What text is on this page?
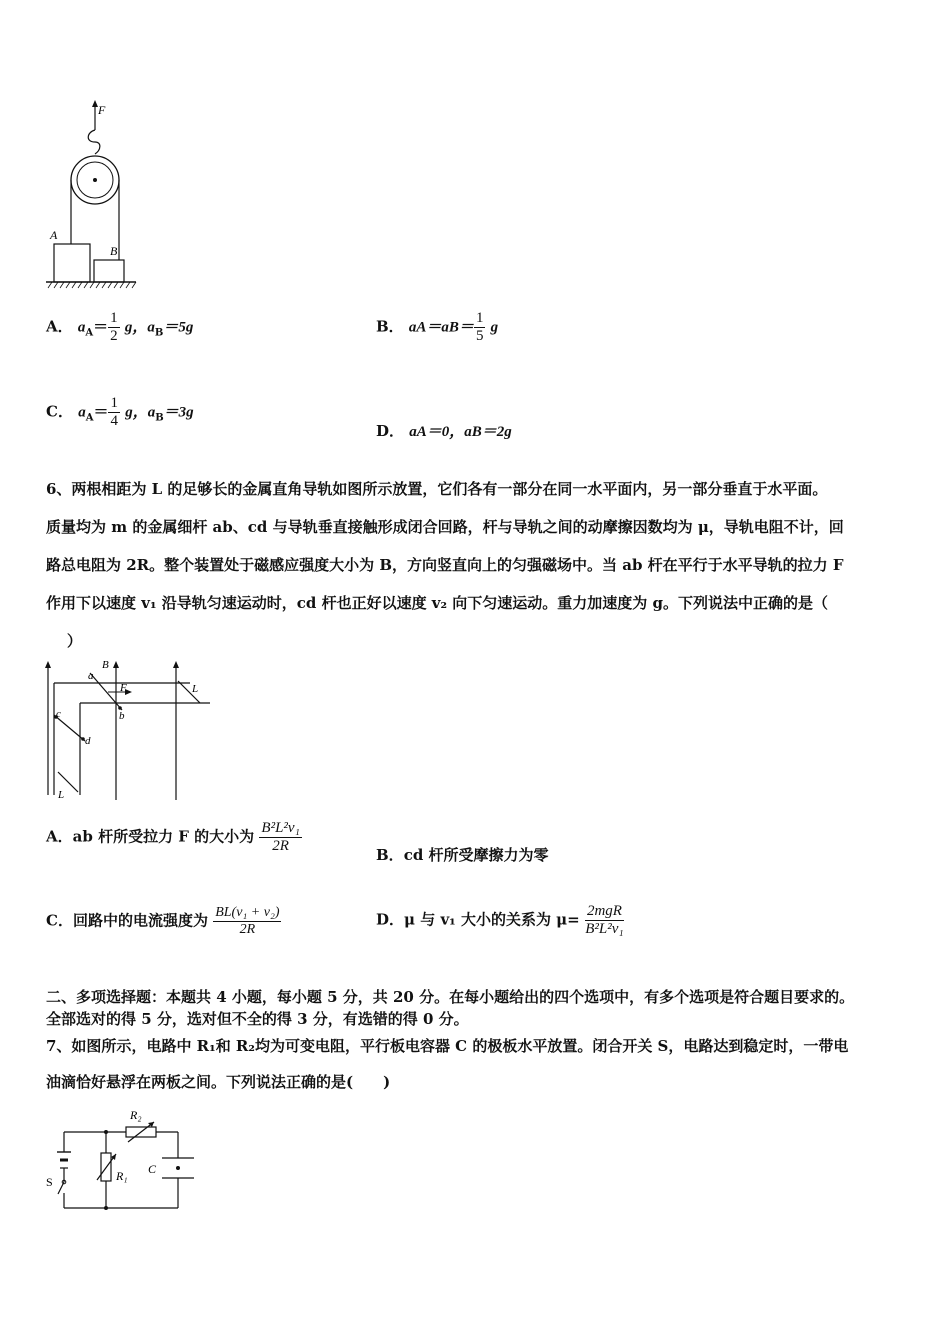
F
A
B
A． $a_A= \frac{1}{2}$ g，$a_B=5g$	B． $aA=aB= \frac{1}{5}$ g
C． $a_A= \frac{1}{4}$ g，$a_B=3g$
D． aA＝0，aB＝2g
6、两根相距为 L 的足够长的金属直角导轨如图所示放置，它们各有一部分在同一水平面内，另一部分垂直于水平面。
质量均为 m 的金属细杆 ab、cd 与导轨垂直接触形成闭合回路，杆与导轨之间的动摩擦因数均为 μ，导轨电阻不计，回
路总电阻为 2R。整个装置处于磁感应强度大小为 B，方向竖直向上的匀强磁场中。当 ab 杆在平行于水平导轨的拉力 F
作用下以速度 v₁ 沿导轨匀速运动时，cd 杆也正好以速度 v₂ 向下匀速运动。重力加速度为 g。下列说法中正确的是（
）
B
a
F
b
L
c
d
L
A．ab 杆所受拉力 F 的大小为 $\frac{\text{B²L²v₁}}{2R}$	B．cd 杆所受摩擦力为零
C．回路中的电流强度为 $\frac{\text{BL(v₁ + v₂)}}{2R}$	D．μ 与 v₁ 大小的关系为 $\mu= \frac{\text{2mgR}}{\text{B²L²v₁}}$
二、多项选择题：本题共 4 小题，每小题 5 分，共 20 分。在每小题给出的四个选项中，有多个选项是符合题目要求的。
全部选对的得 5 分，选对但不全的得 3 分，有选错的得 0 分。
7、如图所示，电路中 R₁和 R₂均为可变电阻，平行板电容器 C 的极板水平放置。闭合开关 S，电路达到稳定时，一带电
油滴恰好悬浮在两板之间。下列说法正确的是(　　)
R₂
R₁ C
S
